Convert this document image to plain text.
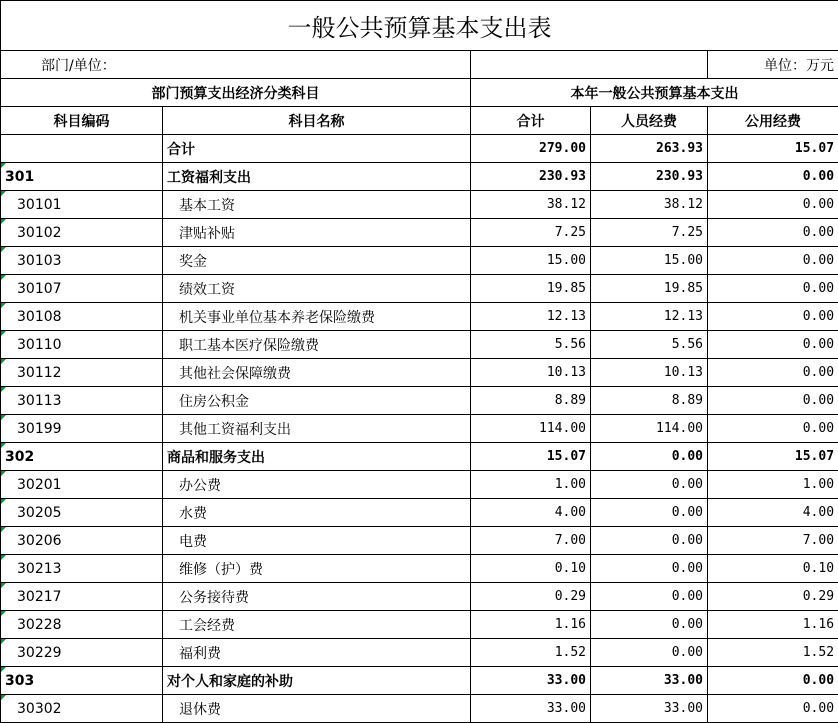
一般公共预算基本支出表				
部门/单位：				单位：万元
部门预算支出经济分类科目		本年一般公共预算基本支出		
科目编码	科目名称	合计	人员经费	公用经费
	合计	279.00	263.93	15.07
301	工资福利支出	230.93	230.93	0.00
30101	基本工资	38.12	38.12	0.00
30102	津贴补贴	7.25	7.25	0.00
30103	奖金	15.00	15.00	0.00
30107	绩效工资	19.85	19.85	0.00
30108	机关事业单位基本养老保险缴费	12.13	12.13	0.00
30110	职工基本医疗保险缴费	5.56	5.56	0.00
30112	其他社会保障缴费	10.13	10.13	0.00
30113	住房公积金	8.89	8.89	0.00
30199	其他工资福利支出	114.00	114.00	0.00
302	商品和服务支出	15.07	0.00	15.07
30201	办公费	1.00	0.00	1.00
30205	水费	4.00	0.00	4.00
30206	电费	7.00	0.00	7.00
30213	维修（护）费	0.10	0.00	0.10
30217	公务接待费	0.29	0.00	0.29
30228	工会经费	1.16	0.00	1.16
30229	福利费	1.52	0.00	1.52
303	对个人和家庭的补助	33.00	33.00	0.00
30302	退休费	33.00	33.00	0.00
